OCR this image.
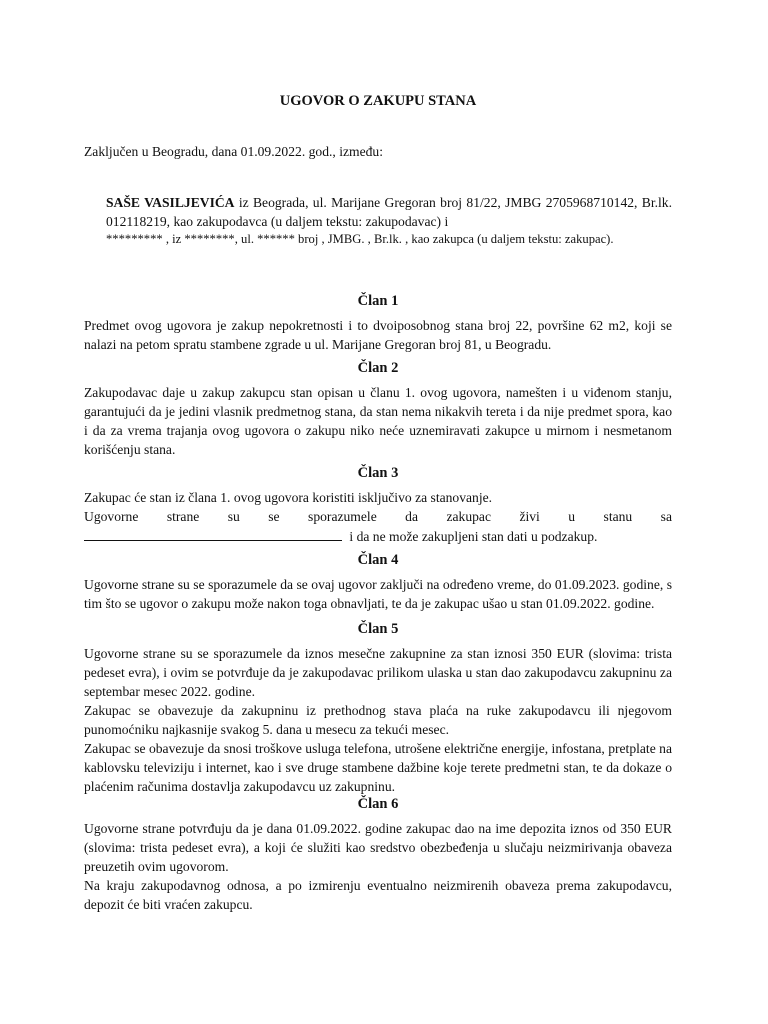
UGOVOR O ZAKUPU STANA
Zaključen u Beogradu, dana 01.09.2022. god., između:

SAŠE VASILJEVIĆA iz Beograda, ul. Marijane Gregoran broj 81/22, JMBG 2705968710142, Br.lk. 012118219, kao zakupodavca (u daljem tekstu: zakupodavac) i

********* , iz ********, ul. ****** broj , JMBG. , Br.lk. , kao zakupca (u daljem tekstu: zakupac).

Član 1

Predmet ovog ugovora je zakup nepokretnosti i to dvoiposobnog stana broj 22, površine 62 m2, koji se nalazi na petom spratu stambene zgrade u ul. Marijane Gregoran broj 81, u Beogradu.

Član 2

Zakupodavac daje u zakup zakupcu stan opisan u članu 1. ovog ugovora, namešten i u viđenom stanju, garantujući da je jedini vlasnik predmetnog stana, da stan nema nikakvih tereta i da nije predmet spora, kao i da za vrema trajanja ovog ugovora o zakupu niko neće uznemiravati zakupce u mirnom i nesmetanom korišćenju stana.

Član 3

Zakupac će stan iz člana 1. ovog ugovora koristiti isključivo za stanovanje.

Ugovorne strane su se sporazumele da zakupac živi u stanu sa

i da ne može zakupljeni stan dati u podzakup.

Član 4

Ugovorne strane su se sporazumele da se ovaj ugovor zaključi na određeno vreme, do 01.09.2023. godine, s tim što se ugovor o zakupu može nakon toga obnavljati, te da je zakupac ušao u stan 01.09.2022. godine.

Član 5

Ugovorne strane su se sporazumele da iznos mesečne zakupnine za stan iznosi 350 EUR (slovima: trista pedeset evra), i ovim se potvrđuje da je zakupodavac prilikom ulaska u stan dao zakupodavcu zakupninu za septembar mesec 2022. godine.

Zakupac se obavezuje da zakupninu iz prethodnog stava plaća na ruke zakupodavcu ili njegovom punomoćniku najkasnije svakog 5. dana u mesecu za tekući mesec.

Zakupac se obavezuje da snosi troškove usluga telefona, utrošene električne energije, infostana, pretplate na kablovsku televiziju i internet, kao i sve druge stambene dažbine koje terete predmetni stan, te da dokaze o plaćenim računima dostavlja zakupodavcu uz zakupninu.

Član 6

Ugovorne strane potvrđuju da je dana 01.09.2022. godine zakupac dao na ime depozita iznos od 350 EUR (slovima: trista pedeset evra), a koji će služiti kao sredstvo obezbeđenja u slučaju neizmirivanja obaveza preuzetih ovim ugovorom.

Na kraju zakupodavnog odnosa, a po izmirenju eventualno neizmirenih obaveza prema zakupodavcu, depozit će biti vraćen zakupcu.
